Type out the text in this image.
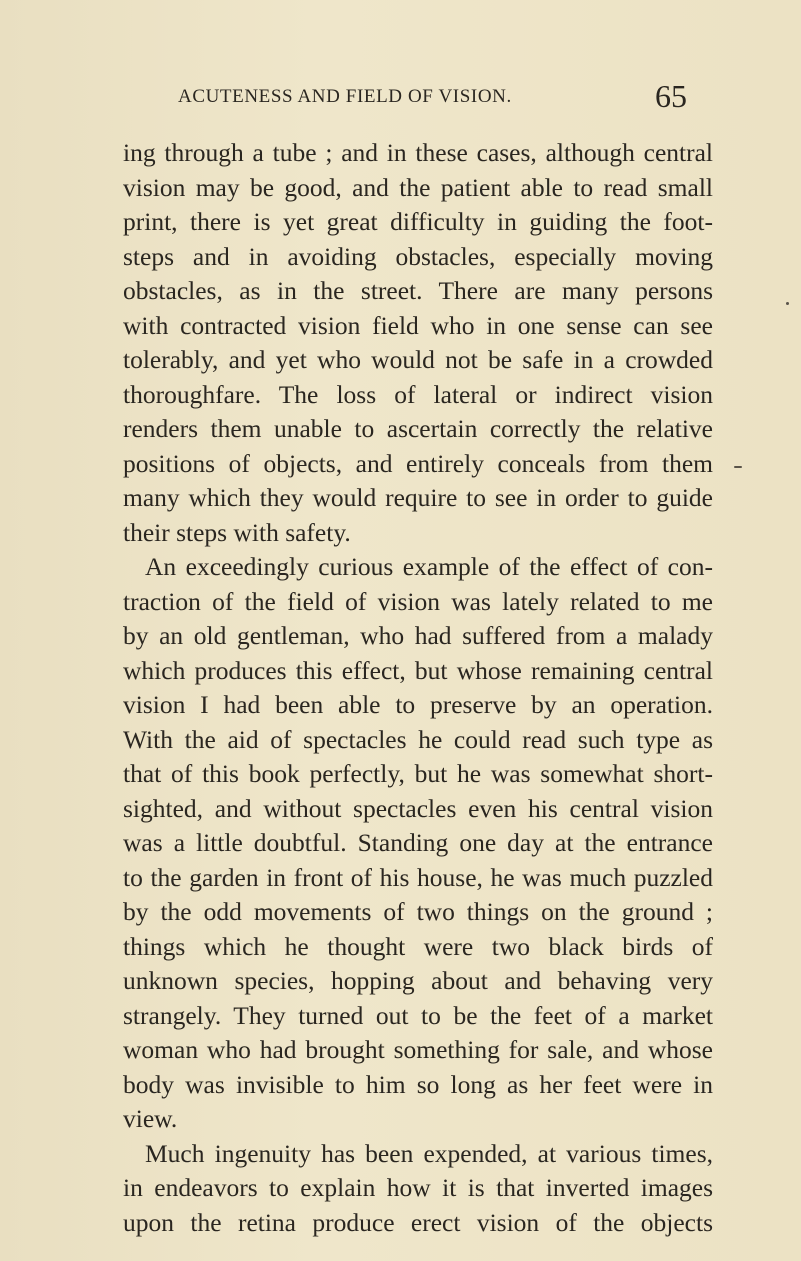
ACUTENESS AND FIELD OF VISION.	65
ing through a tube ; and in these cases, although central
vision may be good, and the patient able to read small
print, there is yet great difficulty in guiding the foot-
steps and in avoiding obstacles, especially moving
obstacles, as in the street. There are many persons
with contracted vision field who in one sense can see
tolerably, and yet who would not be safe in a crowded
thoroughfare. The loss of lateral or indirect vision
renders them unable to ascertain correctly the relative
positions of objects, and entirely conceals from them
many which they would require to see in order to guide
their steps with safety.
An exceedingly curious example of the effect of con-
traction of the field of vision was lately related to me
by an old gentleman, who had suffered from a malady
which produces this effect, but whose remaining central
vision I had been able to preserve by an operation.
With the aid of spectacles he could read such type as
that of this book perfectly, but he was somewhat short-
sighted, and without spectacles even his central vision
was a little doubtful. Standing one day at the entrance
to the garden in front of his house, he was much puzzled
by the odd movements of two things on the ground ;
things which he thought were two black birds of
unknown species, hopping about and behaving very
strangely. They turned out to be the feet of a market
woman who had brought something for sale, and whose
body was invisible to him so long as her feet were in
view.
Much ingenuity has been expended, at various times,
in endeavors to explain how it is that inverted images
upon the retina produce erect vision of the objects
